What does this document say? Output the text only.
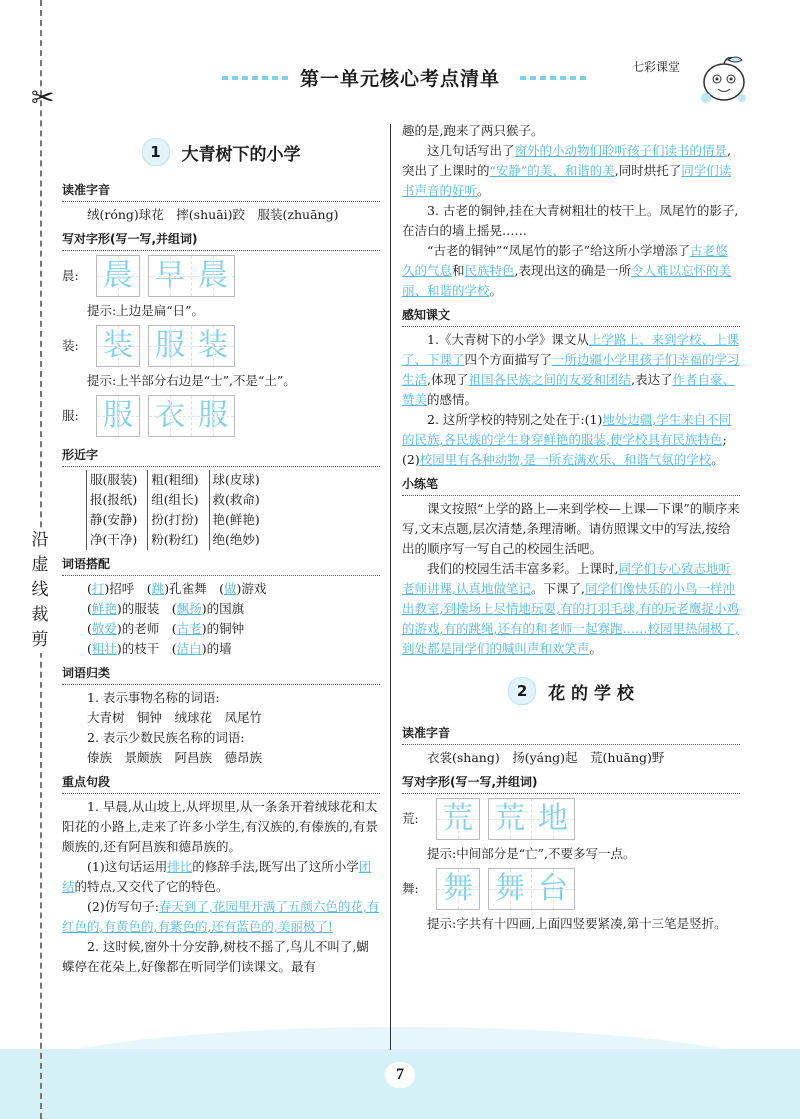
7
✂
沿虚线裁剪
第一单元核心考点清单
七彩课堂
1	大青树下的小学
读准字音

绒(róng)球花　摔(shuāi)跤　服装(zhuāng)

写对字形(写一写,并组词)
晨: 晨 早 晨

提示:上边是扁“日”。

装: 装 服 装

提示:上半部分右边是“士”,不是“土”。

服: 服 衣 服
形近字
服(服装)
报(报纸)
静(安静)
净(干净)
粗(粗细)
组(组长)
扮(打扮)
粉(粉红)
球(皮球)
救(救命)
艳(鲜艳)
绝(绝妙)
词语搭配

(打)招呼　(跳)孔雀舞　(做)游戏

(鲜艳)的服装　(飘扬)的国旗

(敬爱)的老师　(古老)的铜钟

(粗壮)的枝干　(洁白)的墙

词语归类

1. 表示事物名称的词语:

大青树　铜钟　绒球花　凤尾竹

2. 表示少数民族名称的词语:

傣族　景颇族　阿昌族　德昂族

重点句段

1. 早晨,从山坡上,从坪坝里,从一条条开着绒球花和太阳花的小路上,走来了许多小学生,有汉族的,有傣族的,有景颇族的,还有阿昌族和德昂族的。

(1)这句话运用排比的修辞手法,既写出了这所小学团结的特点,又交代了它的特色。

(2)仿写句子:春天到了,花园里开满了五颜六色的花,有红色的,有黄色的,有紫色的,还有蓝色的,美丽极了!

2. 这时候,窗外十分安静,树枝不摇了,鸟儿不叫了,蝴蝶停在花朵上,好像都在听同学们读课文。最有

趣的是,跑来了两只猴子。

这几句话写出了窗外的小动物们聆听孩子们读书的情景,突出了上课时的“安静”的美、和谐的美,同时烘托了同学们读书声音的好听。

3. 古老的铜钟,挂在大青树粗壮的枝干上。凤尾竹的影子,在洁白的墙上摇晃……

“古老的铜钟”“凤尾竹的影子”给这所小学增添了古老悠久的气息和民族特色,表现出这的确是一所令人难以忘怀的美丽、和谐的学校。

感知课文

1.《大青树下的小学》课文从上学路上、来到学校、上课了、下课了四个方面描写了一所边疆小学里孩子们幸福的学习生活,体现了祖国各民族之间的友爱和团结,表达了作者自豪、赞美的感情。

2. 这所学校的特别之处在于:(1)地处边疆,学生来自不同的民族,各民族的学生身穿鲜艳的服装,使学校具有民族特色;(2)校园里有各种动物,是一所充满欢乐、和谐气氛的学校。

小练笔

课文按照“上学的路上—来到学校—上课—下课”的顺序来写,文末点题,层次清楚,条理清晰。请仿照课文中的写法,按给出的顺序写一写自己的校园生活吧。

我们的校园生活丰富多彩。上课时,同学们专心致志地听老师讲课,认真地做笔记。下课了,同学们像快乐的小鸟一样冲出教室,到操场上尽情地玩耍,有的打羽毛球,有的玩老鹰捉小鸡的游戏,有的跳绳,还有的和老师一起赛跑……校园里热闹极了,到处都是同学们的喊叫声和欢笑声。

2	花 的 学 校
读准字音

衣裳(shang)　扬(yáng)起　荒(huāng)野

写对字形(写一写,并组词)
荒: 荒 荒 地

提示:中间部分是“亡”,不要多写一点。

舞: 舞 舞 台

提示:字共有十四画,上面四竖要紧凑,第十三笔是竖折。
